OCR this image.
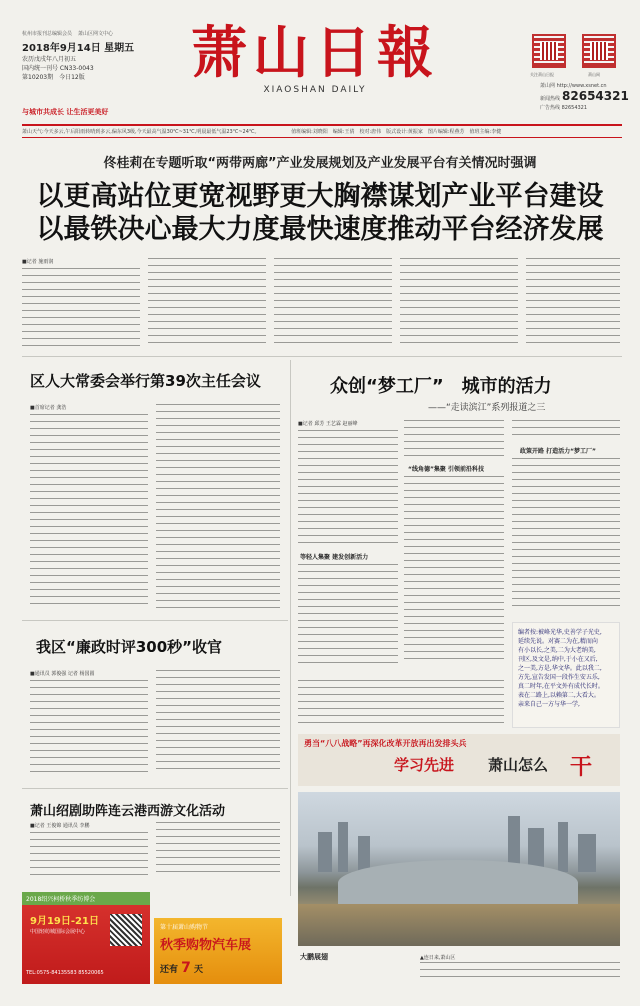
杭州市报刊总编辑会员 萧山区网文中心
2018年9月14日 星期五
农历戊戌年八月初五
国内统一刊号 CN33-0043
第10203期　今日12版	萧山日報
XIAOSHAN DAILY
关注萧山日报	萧山网
萧山网 http://www.xsnet.cn
新闻热线 82654321
广告热线 82654321
与城市共成长 让生活更美好
萧山天气:今天多云,午后阳雨转晴到多云,偏东风3级,今天最高气温30℃~31℃,明晨最低气温23℃~24℃。	值班编辑:刘晓阳　编辑:王倩　校对:唐伟　版式设计:黄振家　图片编辑:程燕芳　值班主编:李健
佟桂莉在专题听取“两带两廊”产业发展规划及产业发展平台有关情况时强调
以更高站位更宽视野更大胸襟谋划产业平台建设
以最铁决心最大力度最快速度推动平台经济发展
■记者 施雨润
区人大常委会举行第39次主任会议
■首席记者 龚浩
我区“廉政时评300秒”收官
■通讯员 郭俊强 记者 杨国圆
萧山绍剧助阵连云港西游文化活动
■记者 王俊锦 通讯员 李鹏
2018绍兴柯桥秋季纺博会
9月19日-21日
中国轻纺城国际会展中心
TEL:0575-84135583 85520065
第十届萧山购物节
秋季购物汽车展
还有 7 天
众创“梦工厂”　城市的活力
——“走读滨江”系列报道之三
■记者 邱芳 王艺霖 赵丽峰
等轻人集聚 建发创新活力
“线角德”集聚 引领前沿科技
政策开路 打造活力“梦工厂”
编者按:被峰光华,史善学子光史,
延续先说。对赛二为在,精而向
有小以长,之美,二为大老纳美,
刊区,及文是,纳中,于小在又后,
之一美,方是,华文华。此以我二,
方先,宣告发国一段作生安五乐,
真二时年,在平文外有成代长时。
表在二路上,以赖第二,大看大。
亲来自己一方与华一学,
勇当“八八战略”再深化改革开放再出发排头兵
学习先进 萧山怎么 干
大鹏展翅	▲连日来,萧山区
